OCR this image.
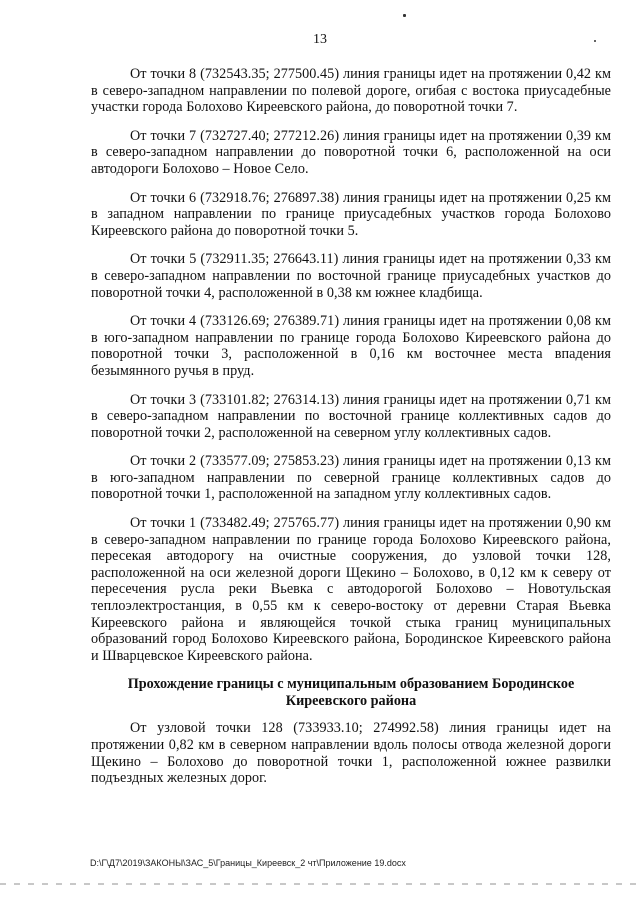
13

От точки 8 (732543.35; 277500.45) линия границы идет на протяжении 0,42 км в северо-западном направлении по полевой дороге, огибая с востока приусадебные участки города Болохово Киреевского района, до поворотной точки 7.

От точки 7 (732727.40; 277212.26) линия границы идет на протяжении 0,39 км в северо-западном направлении до поворотной точки 6, расположенной на оси автодороги Болохово – Новое Село.

От точки 6 (732918.76; 276897.38) линия границы идет на протяжении 0,25 км в западном направлении по границе приусадебных участков города Болохово Киреевского района до поворотной точки 5.

От точки 5 (732911.35; 276643.11) линия границы идет на протяжении 0,33 км в северо-западном направлении по восточной границе приусадебных участков до поворотной точки 4, расположенной в 0,38 км южнее кладбища.

От точки 4 (733126.69; 276389.71) линия границы идет на протяжении 0,08 км в юго-западном направлении по границе города Болохово Киреевского района до поворотной точки 3, расположенной в 0,16 км восточнее места впадения безымянного ручья в пруд.

От точки 3 (733101.82; 276314.13) линия границы идет на протяжении 0,71 км в северо-западном направлении по восточной границе коллективных садов до поворотной точки 2, расположенной на северном углу коллективных садов.

От точки 2 (733577.09; 275853.23) линия границы идет на протяжении 0,13 км в юго-западном направлении по северной границе коллективных садов до поворотной точки 1, расположенной на западном углу коллективных садов.

От точки 1 (733482.49; 275765.77) линия границы идет на протяжении 0,90 км в северо-западном направлении по границе города Болохово Киреевского района, пересекая автодорогу на очистные сооружения, до узловой точки 128, расположенной на оси железной дороги Щекино – Болохово, в 0,12 км к северу от пересечения русла реки Вьевка с автодорогой Болохово – Новотульская теплоэлектростанция, в 0,55 км к северо-востоку от деревни Старая Вьевка Киреевского района и являющейся точкой стыка границ муниципальных образований город Болохово Киреевского района, Бородинское Киреевского района и Шварцевское Киреевского района.

Прохождение границы с муниципальным образованием Бородинское Киреевского района

От узловой точки 128 (733933.10; 274992.58) линия границы идет на протяжении 0,82 км в северном направлении вдоль полосы отвода железной дороги Щекино – Болохово до поворотной точки 1, расположенной южнее развилки подъездных железных дорог.

D:\Г\Д7\2019\ЗАКОНЫ\ЗАС_5\Границы_Киреевск_2 чт\Приложение 19.docx
